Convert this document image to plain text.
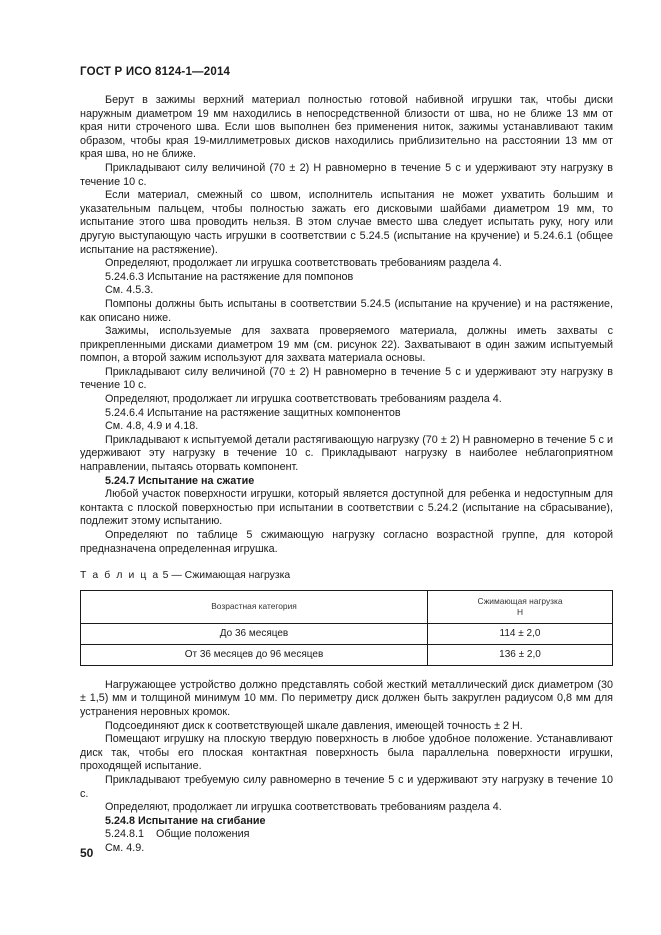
ГОСТ Р ИСО 8124-1—2014

Берут в зажимы верхний материал полностью готовой набивной игрушки так, чтобы диски наружным диаметром 19 мм находились в непосредственной близости от шва, но не ближе 13 мм от края нити строченого шва. Если шов выполнен без применения ниток, зажимы устанавливают таким образом, чтобы края 19-миллиметровых дисков находились приблизительно на расстоянии 13 мм от края шва, но не ближе.

Прикладывают силу величиной (70 ± 2) Н равномерно в течение 5 с и удерживают эту нагрузку в течение 10 с.

Если материал, смежный со швом, исполнитель испытания не может ухватить большим и указательным пальцем, чтобы полностью зажать его дисковыми шайбами диаметром 19 мм, то испытание этого шва проводить нельзя. В этом случае вместо шва следует испытать руку, ногу или другую выступающую часть игрушки в соответствии с 5.24.5 (испытание на кручение) и 5.24.6.1 (общее испытание на растяжение).

Определяют, продолжает ли игрушка соответствовать требованиям раздела 4.

5.24.6.3 Испытание на растяжение для помпонов

См. 4.5.3.

Помпоны должны быть испытаны в соответствии 5.24.5 (испытание на кручение) и на растяжение, как описано ниже.

Зажимы, используемые для захвата проверяемого материала, должны иметь захваты с прикрепленными дисками диаметром 19 мм (см. рисунок 22). Захватывают в один зажим испытуемый помпон, а второй зажим используют для захвата материала основы.

Прикладывают силу величиной (70 ± 2) Н равномерно в течение 5 с и удерживают эту нагрузку в течение 10 с.

Определяют, продолжает ли игрушка соответствовать требованиям раздела 4.

5.24.6.4 Испытание на растяжение защитных компонентов

См. 4.8, 4.9 и 4.18.

Прикладывают к испытуемой детали растягивающую нагрузку (70 ± 2) Н равномерно в течение 5 с и удерживают эту нагрузку в течение 10 с. Прикладывают нагрузку в наиболее неблагоприятном направлении, пытаясь оторвать компонент.

5.24.7 Испытание на сжатие

Любой участок поверхности игрушки, который является доступной для ребенка и недоступным для контакта с плоской поверхностью при испытании в соответствии с 5.24.2 (испытание на сбрасывание), подлежит этому испытанию.

Определяют по таблице 5 сжимающую нагрузку согласно возрастной группе, для которой предназначена определенная игрушка.

Т а б л и ц а 5 — Сжимающая нагрузка

Возрастная категория	Сжимающая нагрузка
Н
До 36 месяцев	114 ± 2,0
От 36 месяцев до 96 месяцев	136 ± 2,0

Нагружающее устройство должно представлять собой жесткий металлический диск диаметром (30 ± 1,5) мм и толщиной минимум 10 мм. По периметру диск должен быть закруглен радиусом 0,8 мм для устранения неровных кромок.

Подсоединяют диск к соответствующей шкале давления, имеющей точность ± 2 Н.

Помещают игрушку на плоскую твердую поверхность в любое удобное положение. Устанавливают диск так, чтобы его плоская контактная поверхность была параллельна поверхности игрушки, проходящей испытание.

Прикладывают требуемую силу равномерно в течение 5 с и удерживают эту нагрузку в течение 10 с.

Определяют, продолжает ли игрушка соответствовать требованиям раздела 4.

5.24.8 Испытание на сгибание

5.24.8.1    Общие положения

См. 4.9.

50
